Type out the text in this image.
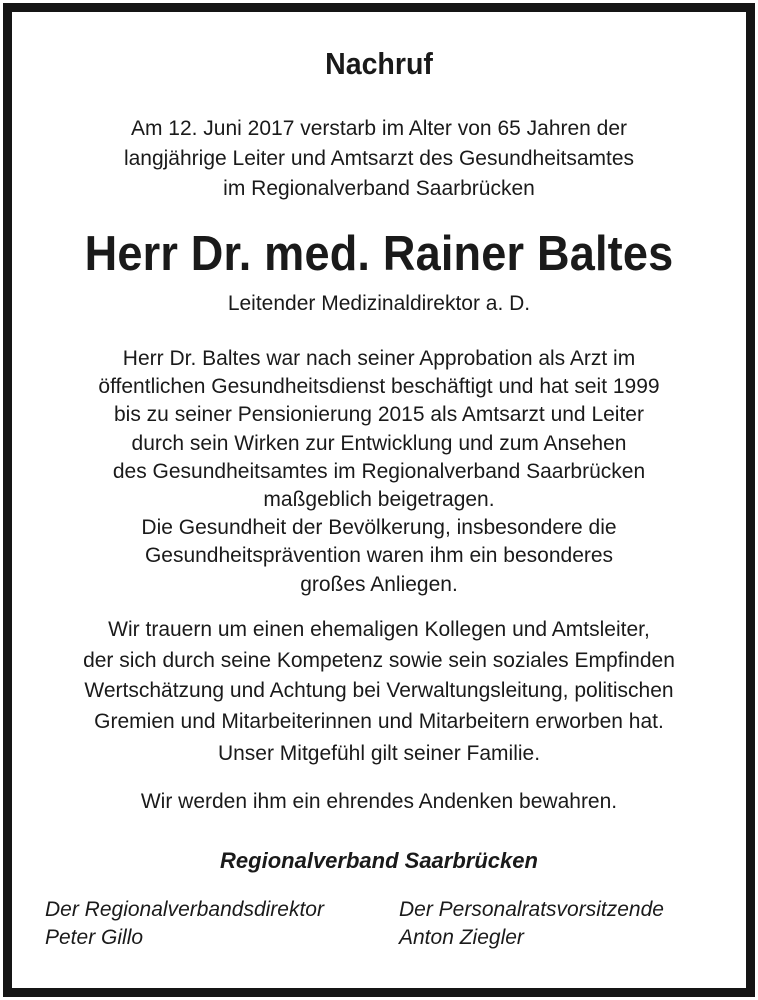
Nachruf
Am 12. Juni 2017 verstarb im Alter von 65 Jahren der
langjährige Leiter und Amtsarzt des Gesundheitsamtes
im Regionalverband Saarbrücken
Herr Dr. med. Rainer Baltes
Leitender Medizinaldirektor a. D.
Herr Dr. Baltes war nach seiner Approbation als Arzt im
öffentlichen Gesundheitsdienst beschäftigt und hat seit 1999
bis zu seiner Pensionierung 2015 als Amtsarzt und Leiter
durch sein Wirken zur Entwicklung und zum Ansehen
des Gesundheitsamtes im Regionalverband Saarbrücken
maßgeblich beigetragen.
Die Gesundheit der Bevölkerung, insbesondere die
Gesundheitsprävention waren ihm ein besonderes
großes Anliegen.
Wir trauern um einen ehemaligen Kollegen und Amtsleiter,
der sich durch seine Kompetenz sowie sein soziales Empfinden
Wertschätzung und Achtung bei Verwaltungsleitung, politischen
Gremien und Mitarbeiterinnen und Mitarbeitern erworben hat.
Unser Mitgefühl gilt seiner Familie.
Wir werden ihm ein ehrendes Andenken bewahren.
Regionalverband Saarbrücken
Der Regionalverbandsdirektor
Peter Gillo
Der Personalratsvorsitzende
Anton Ziegler
